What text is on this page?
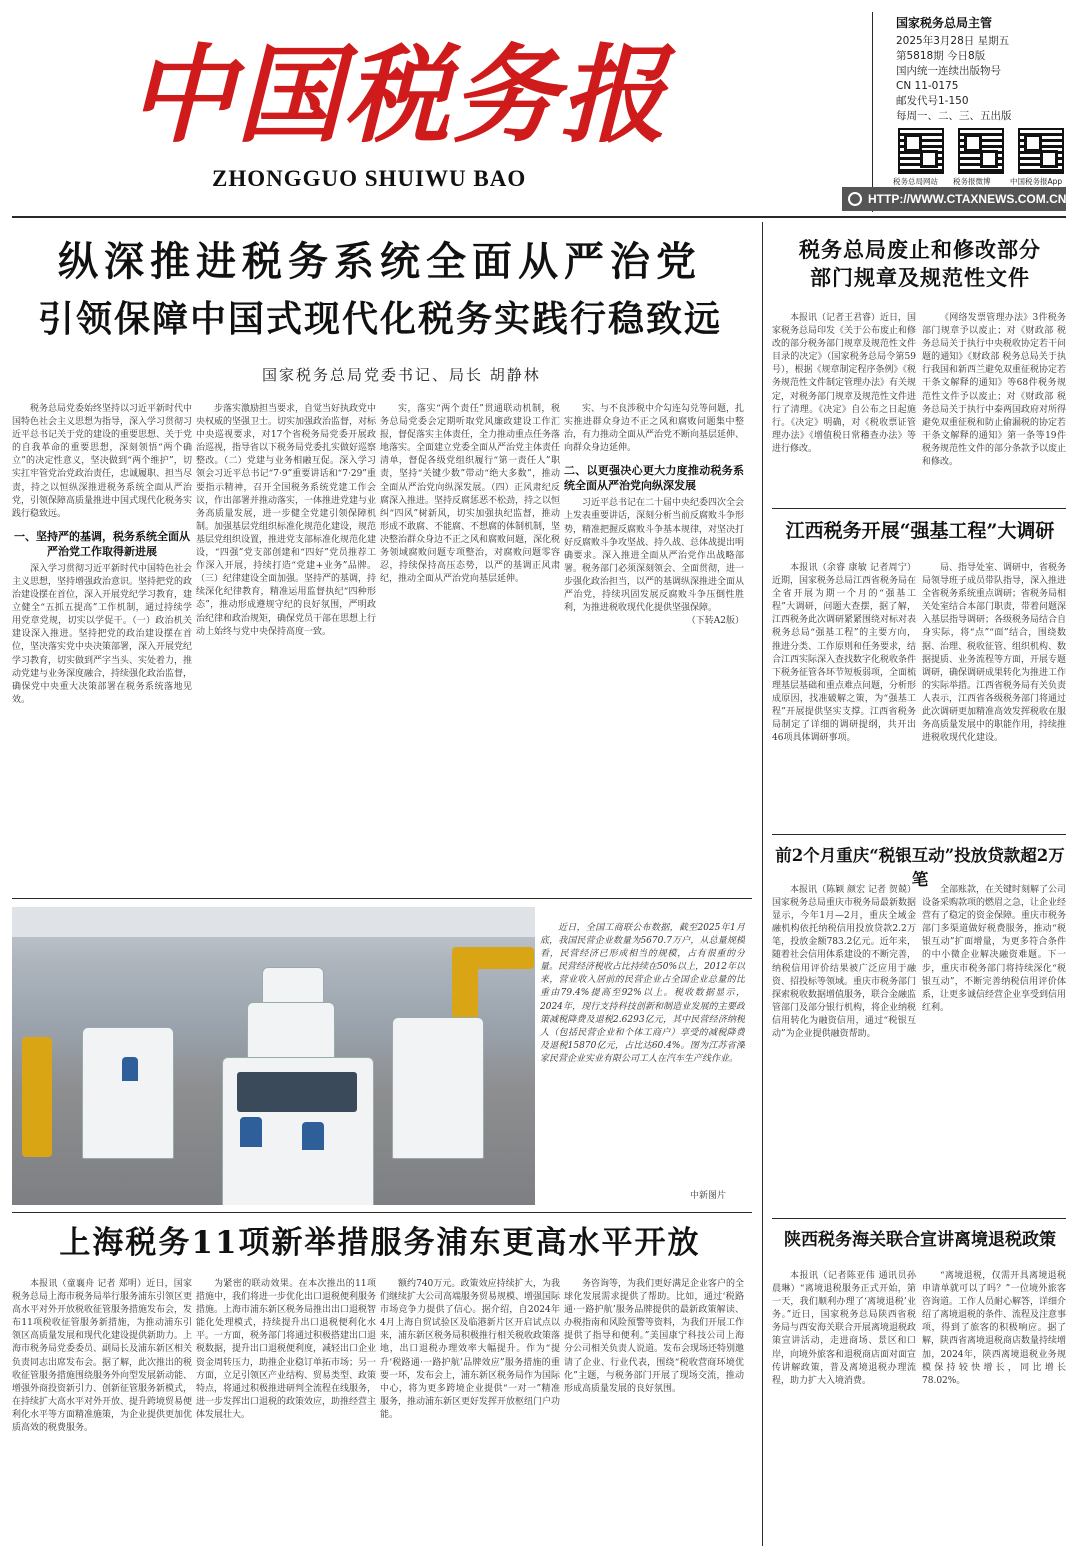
中国税务报
ZHONGGUO SHUIWU BAO
国家税务总局主管
2025年3月28日 星期五
第5818期 今日8版
国内统一连续出版物号
CN 11-0175
邮发代号1-150
每周一、二、三、五出版
税务总局网站 税务报微博	中国税务报App
HTTP://WWW.CTAXNEWS.COM.CN
纵深推进税务系统全面从严治党
引领保障中国式现代化税务实践行稳致远
国家税务总局党委书记、局长 胡静林
税务总局党委始终坚持以习近平新时代中国特色社会主义思想为指导，深入学习贯彻习近平总书记关于党的建设的重要思想、关于党的自我革命的重要思想，深刻领悟“两个确立”的决定性意义，坚决做到“两个维护”，切实扛牢管党治党政治责任，忠诚履职、担当尽责，持之以恒纵深推进税务系统全面从严治党，引领保障高质量推进中国式现代化税务实践行稳致远。
一、坚持严的基调，税务系统全面从严治党工作取得新进展
深入学习贯彻习近平新时代中国特色社会主义思想，坚持增强政治意识。坚持把党的政治建设摆在首位，深入开展党纪学习教育，建立健全“五抓五提高”工作机制，通过持续学用党章党规，切实以学促干。（一）政治机关建设深入推进。坚持把党的政治建设摆在首位，坚决落实党中央决策部署，深入开展党纪学习教育，切实做到严字当头、实处着力，推动党建与业务深度融合，持续强化政治监督，确保党中央重大决策部署在税务系统落地见效。
步落实激励担当要求，自觉当好执政党中央权威的坚强卫士。切实加强政治监督，对标中央巡视要求，对17个省税务局党委开展政治巡视，指导省以下税务局党委扎实做好巡察整改。（二）党建与业务相融互促。深入学习领会习近平总书记“7·9”重要讲话和“7·29”重要指示精神，召开全国税务系统党建工作会议，作出部署并推动落实，一体推进党建与业务高质量发展，进一步健全党建引领保障机制。加强基层党组织标准化规范化建设，规范基层党组织设置，推进党支部标准化规范化建设，“四强”党支部创建和“四好”党员推荐工作深入开展，持续打造“党建+业务”品牌。（三）纪律建设全面加强。坚持严的基调，持续深化纪律教育，精准运用监督执纪“四种形态”，推动形成遵规守纪的良好氛围，严明政治纪律和政治规矩，确保党员干部在思想上行动上始终与党中央保持高度一致。
实，落实“两个责任”贯通联动机制，税务总局党委会定期听取党风廉政建设工作汇报，督促落实主体责任，全力推动重点任务落地落实。全面建立党委全面从严治党主体责任清单，督促各级党组织履行“第一责任人”职责，坚持“关键少数”带动“绝大多数”，推动全面从严治党向纵深发展。（四）正风肃纪反腐深入推进。坚持反腐惩恶不松劲，持之以恒纠“四风”树新风，切实加强执纪监督，推动形成不敢腐、不能腐、不想腐的体制机制，坚决整治群众身边不正之风和腐败问题，深化税务领域腐败问题专项整治，对腐败问题零容忍，持续保持高压态势，以严的基调正风肃纪，推动全面从严治党向基层延伸。
实、与不良涉税中介勾连勾兑等问题，扎实推进群众身边不正之风和腐败问题集中整治，有力推动全面从严治党不断向基层延伸、向群众身边延伸。
二、以更强决心更大力度推动税务系统全面从严治党向纵深发展
习近平总书记在二十届中央纪委四次全会上发表重要讲话，深刻分析当前反腐败斗争形势，精准把握反腐败斗争基本规律，对坚决打好反腐败斗争攻坚战、持久战、总体战提出明确要求。深入推进全面从严治党作出战略部署。税务部门必须深刻领会、全面贯彻，进一步强化政治担当，以严的基调纵深推进全面从严治党，持续巩固发展反腐败斗争压倒性胜利，为推进税收现代化提供坚强保障。
（下转A2版）
近日，全国工商联公布数据，截至2025年1月底，我国民营企业数量为5670.7万户，从总量规模看，民营经济已形成相当的规模，占有很重的分量。民营经济税收占比持续在50%以上，2012年以来，营业收入居前的民营企业占全国企业总量的比重由79.4%提高至92%以上。税收数据显示，2024年，现行支持科技创新和制造业发展的主要政策减税降费及退税2.6293亿元，其中民营经济纳税人（包括民营企业和个体工商户）享受的减税降费及退税15870亿元，占比达60.4%。图为江苏省溧家民营企业实业有限公司工人在汽车生产线作业。
中新图片
上海税务11项新举措服务浦东更高水平开放
本报讯（童襄舟 记者 郑明）近日，国家税务总局上海市税务局举行服务浦东引领区更高水平对外开放税收征管服务措施发布会，发布11项税收征管服务新措施，为推动浦东引领区高质量发展和现代化建设提供新助力。上海市税务局党委委员、副局长及浦东新区相关负责同志出席发布会。据了解，此次推出的税收征管服务措施围绕服务外向型发展新动能、增强外商投资新引力、创新征管服务新模式，在持续扩大高水平对外开放、提升跨境贸易便利化水平等方面精准施策，为企业提供更加优质高效的税费服务。
为紧密的联动效果。在本次推出的11项措施中，我们将进一步优化出口退税便利服务措施。上海市浦东新区税务局推出出口退税智能化处理模式，持续提升出口退税便利化水平。一方面，税务部门将通过积极搭建出口退税数据，提升出口退税便利度，减轻出口企业资金周转压力，助推企业稳订单拓市场；另一方面，立足引领区产业结构、贸易类型、政策特点，将通过积极推进研判全流程在线服务，进一步发挥出口退税的政策效应，助推经营主体发展壮大。
额约740万元。政策效应持续扩大，为我们继续扩大公司高端服务贸易规模、增强国际市场竞争力提供了信心。据介绍，自2024年4月上海自贸试验区及临港新片区开启试点以来，浦东新区税务局积极推行相关税收政策落地，出口退税办理效率大幅提升。作为“提升‘税路通·一路护航’品牌效应”服务措施的重要一环，发布会上，浦东新区税务局作为国际中心，将为更多跨境企业提供“一对一”精准服务，推动浦东新区更好发挥开放枢纽门户功能。
务咨询等，为我们更好满足企业客户的全球化发展需求提供了帮助。比如，通过‘税路通·一路护航’服务品牌提供的最新政策解读、办税指南和风险预警等资料，为我们开展工作提供了指导和便利。”美国康宁科技公司上海分公司相关负责人说道。发布会现场还特别邀请了企业、行业代表，围绕“税收营商环境优化”主题，与税务部门开展了现场交流，推动形成高质量发展的良好氛围。
税务总局废止和修改部分
部门规章及规范性文件
本报讯（记者王君睿）近日，国家税务总局印发《关于公布废止和修改的部分税务部门规章及规范性文件目录的决定》（国家税务总局令第59号），根据《规章制定程序条例》《税务规范性文件制定管理办法》有关规定，对税务部门规章及规范性文件进行了清理。《决定》自公布之日起施行。《决定》明确，对《税收票证管理办法》《增值税日常稽查办法》等进行修改。
《网络发票管理办法》3件税务部门规章予以废止；对《财政部 税务总局关于执行中央税收协定若干问题的通知》《财政部 税务总局关于执行我国和新西兰避免双重征税协定若干条文解释的通知》等68件税务规范性文件予以废止；对《财政部 税务总局关于执行中泰两国政府对所得避免双重征税和防止偷漏税的协定若干条文解释的通知》第一条等19件税务规范性文件的部分条款予以废止和修改。
江西税务开展“强基工程”大调研
本报讯（余睿 康敏 记者周宁）近期，国家税务总局江西省税务局在全省开展为期一个月的“强基工程”大调研，问题大查摆，据了解，江西税务此次调研紧紧围绕对标对表税务总局“强基工程”的主要方向，推进分类、工作原则和任务要求，结合江西实际深入查找数字化税收条件下税务征管各环节短板弱项，全面梳理基层基础和重点难点问题，分析形成原因，找准破解之策，为“强基工程”开展提供坚实支撑。江西省税务局制定了详细的调研提纲，共开出46项具体调研事项。
局、指导处室、调研中，省税务局领导班子成员带队指导，深入推进全省税务系统重点调研；省税务局相关处室结合本部门职责，带着问题深入基层指导调研；各级税务局结合自身实际，将“点”“面”结合，围绕数据、治理、税收征管、组织机构、数据提质、业务流程等方面，开展专题调研，确保调研成果转化为推进工作的实际举措。江西省税务局有关负责人表示，江西省各级税务部门将通过此次调研更加精准高效发挥税收在服务高质量发展中的职能作用，持续推进税收现代化建设。
前2个月重庆“税银互动”投放贷款超2万笔
本报讯（陈颖 颜宏 记者 贺兢）国家税务总局重庆市税务局最新数据显示，今年1月—2月，重庆全域金融机构依托纳税信用投放贷款2.2万笔，投放金额783.2亿元。近年来，随着社会信用体系建设的不断完善，纳税信用评价结果被广泛应用于融资、招投标等领域。重庆市税务部门探索税收数据增值服务，联合金融监管部门及部分银行机构，将企业纳税信用转化为融资信用，通过“税银互动”为企业提供融资帮助。
全部账款，在关键时刻解了公司设备采购款项的燃眉之急，让企业经营有了稳定的资金保障。重庆市税务部门多渠道做好税费服务，推动“税银互动”扩面增量，为更多符合条件的中小微企业解决融资难题。下一步，重庆市税务部门将持续深化“税银互动”，不断完善纳税信用评价体系，让更多诚信经营企业享受到信用红利。
陕西税务海关联合宣讲离境退税政策
本报讯（记者陈亚伟 通讯员孙晨琳）“离境退税服务正式开始，第一天，我们顺利办理了‘离境退税’业务。”近日，国家税务总局陕西省税务局与西安海关联合开展离境退税政策宣讲活动，走进商场、景区和口岸，向境外旅客和退税商店面对面宣传讲解政策，普及离境退税办理流程，助力扩大入境消费。
“离境退税，仅需开具离境退税申请单就可以了吗？”一位境外旅客咨询道。工作人员耐心解答，详细介绍了离境退税的条件、流程及注意事项，得到了旅客的积极响应。据了解，陕西省离境退税商店数量持续增加，2024年，陕西离境退税业务规模保持较快增长，同比增长78.02%。
